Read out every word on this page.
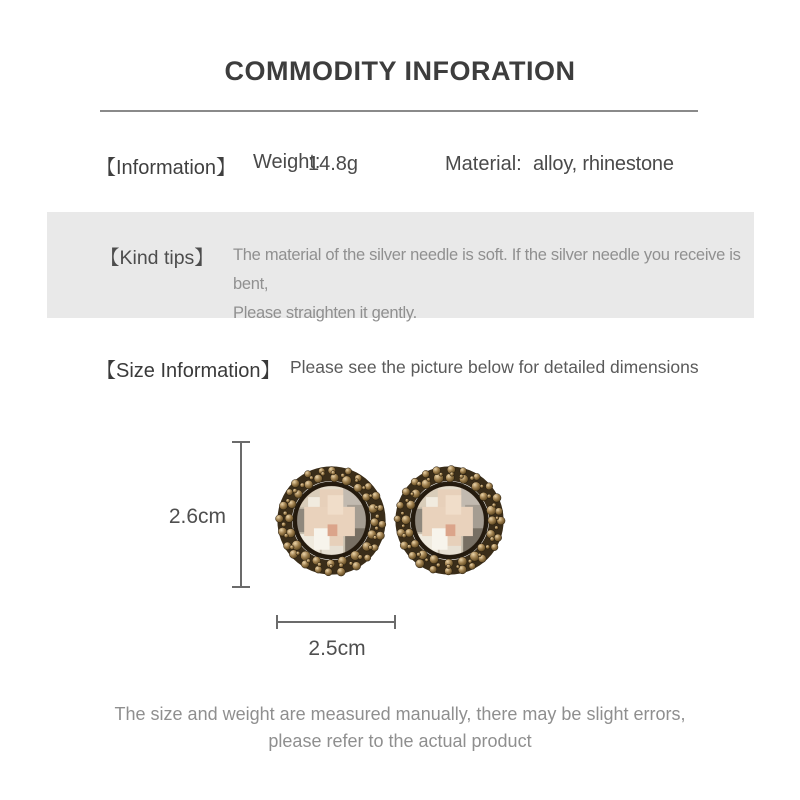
COMMODITY INFORATION
【Information】 Weight:
14.8g	Material: alloy, rhinestone
【Kind tips】 The material of the silver needle is soft. If the silver needle you receive is bent,
Please straighten it gently.
【Size Information】 Please see the picture below for detailed dimensions
2.6cm
2.5cm
The size and weight are measured manually, there may be slight errors,
please refer to the actual product
